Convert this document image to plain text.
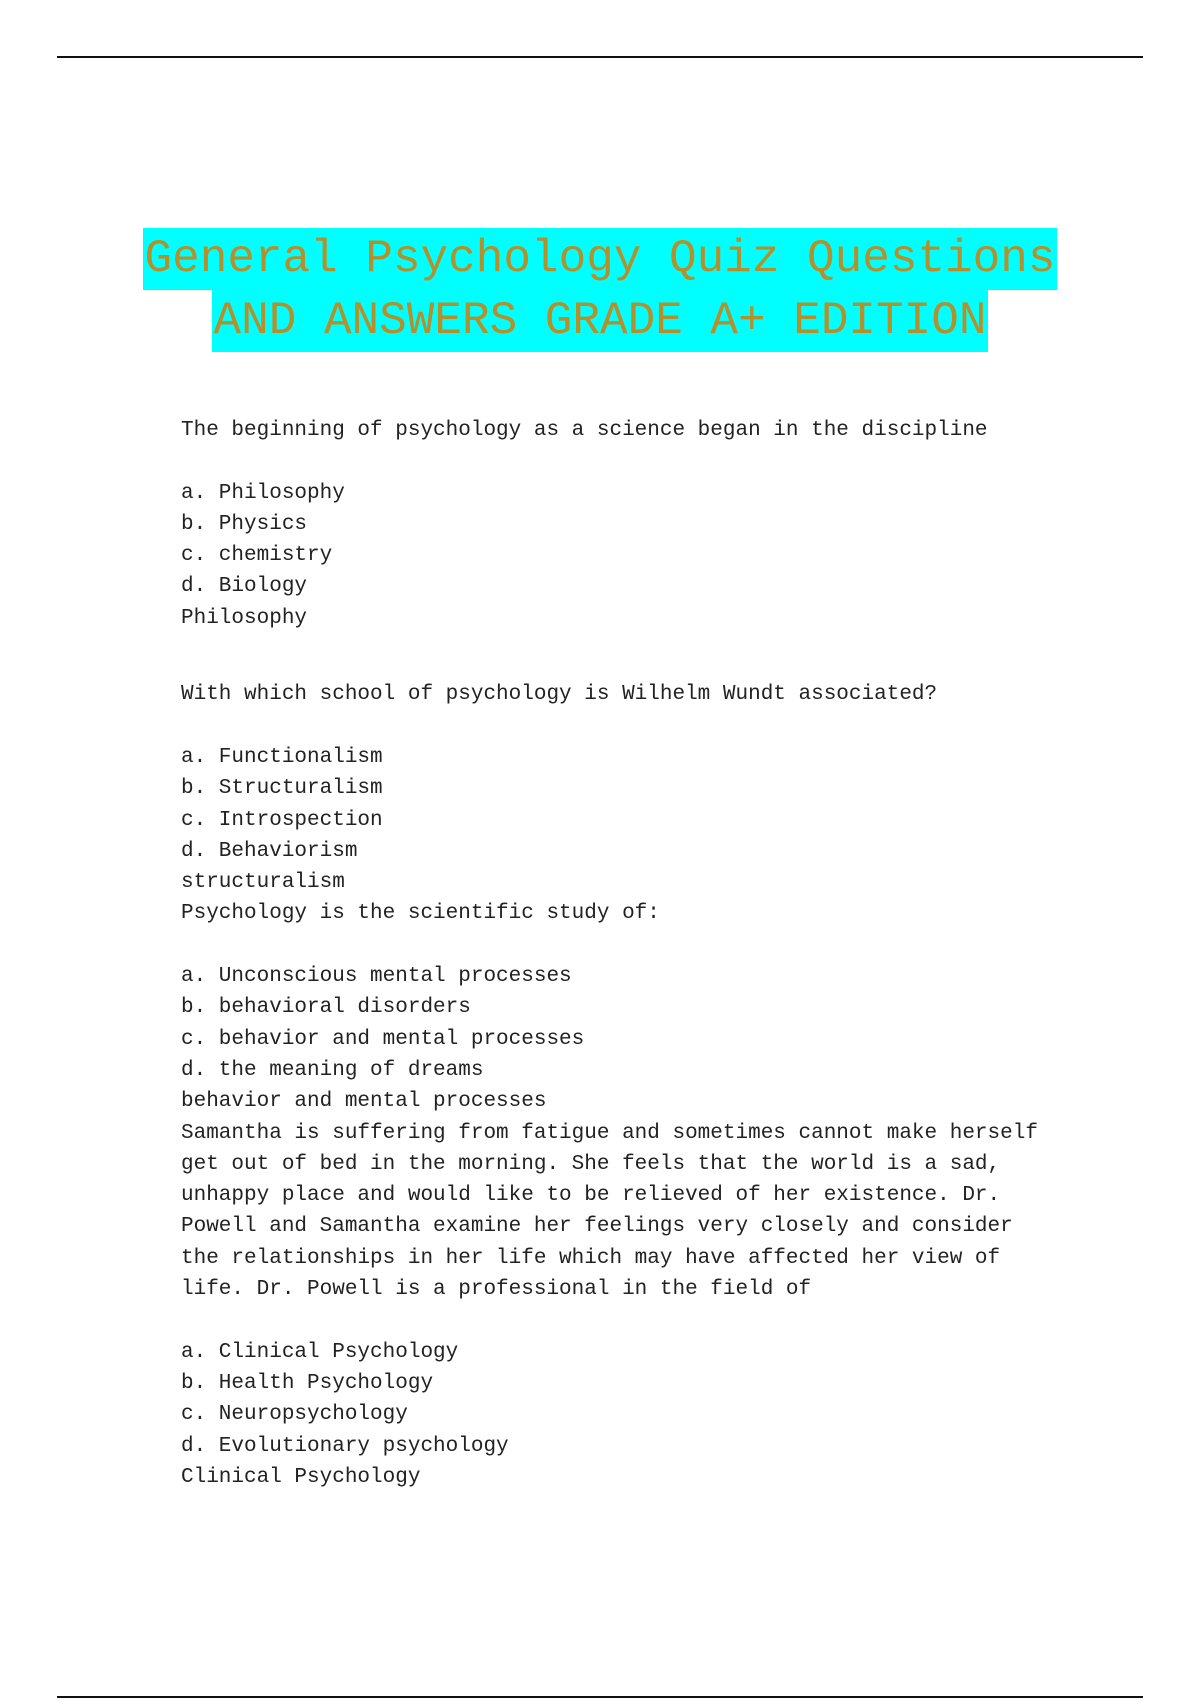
General Psychology Quiz Questions
AND ANSWERS GRADE A+ EDITION
The beginning of psychology as a science began in the discipline
a. Philosophy
b. Physics
c. chemistry
d. Biology
Philosophy
With which school of psychology is Wilhelm Wundt associated?
a. Functionalism
b. Structuralism
c. Introspection
d. Behaviorism
structuralism
Psychology is the scientific study of:
a. Unconscious mental processes
b. behavioral disorders
c. behavior and mental processes
d. the meaning of dreams
behavior and mental processes
Samantha is suffering from fatigue and sometimes cannot make herself
get out of bed in the morning. She feels that the world is a sad,
unhappy place and would like to be relieved of her existence. Dr.
Powell and Samantha examine her feelings very closely and consider
the relationships in her life which may have affected her view of
life. Dr. Powell is a professional in the field of
a. Clinical Psychology
b. Health Psychology
c. Neuropsychology
d. Evolutionary psychology
Clinical Psychology
